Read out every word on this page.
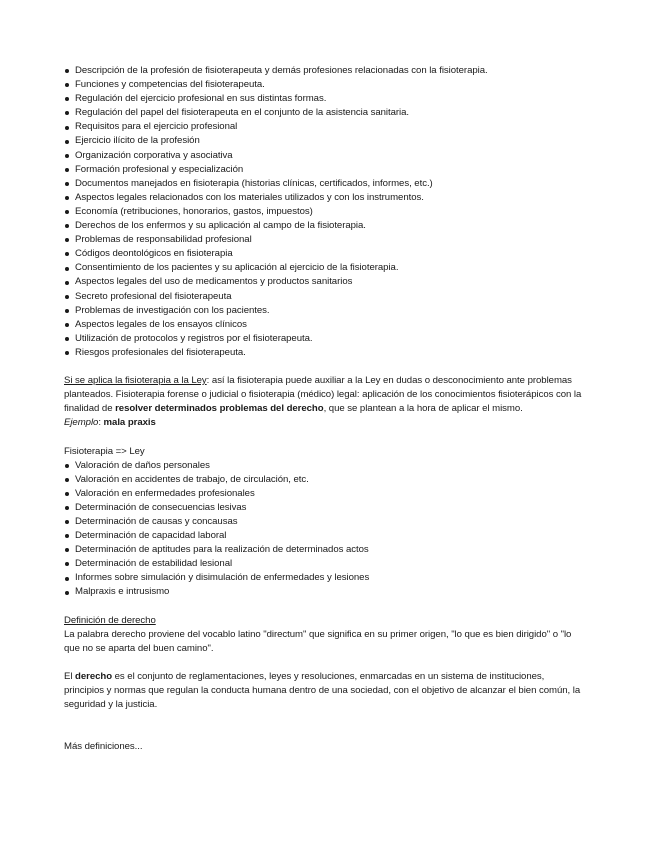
Descripción de la profesión de fisioterapeuta y demás profesiones relacionadas con la fisioterapia.
Funciones y competencias del fisioterapeuta.
Regulación del ejercicio profesional en sus distintas formas.
Regulación del papel del fisioterapeuta en el conjunto de la asistencia sanitaria.
Requisitos para el ejercicio profesional
Ejercicio ilícito de la profesión
Organización corporativa y asociativa
Formación profesional y especialización
Documentos manejados en fisioterapia (historias clínicas, certificados, informes, etc.)
Aspectos legales relacionados con los materiales utilizados y con los instrumentos.
Economía (retribuciones, honorarios, gastos, impuestos)
Derechos de los enfermos y su aplicación al campo de la fisioterapia.
Problemas de responsabilidad profesional
Códigos deontológicos en fisioterapia
Consentimiento de los pacientes y su aplicación al ejercicio de la fisioterapia.
Aspectos legales del uso de medicamentos y productos sanitarios
Secreto profesional del fisioterapeuta
Problemas de investigación con los pacientes.
Aspectos legales de los ensayos clínicos
Utilización de protocolos y registros por el fisioterapeuta.
Riesgos profesionales del fisioterapeuta.

Si se aplica la fisioterapia a la Ley: así la fisioterapia puede auxiliar a la Ley en dudas o desconocimiento ante problemas planteados. Fisioterapia forense o judicial o fisioterapia (médico) legal: aplicación de los conocimientos fisioterápicos con la finalidad de resolver determinados problemas del derecho, que se plantean a la hora de aplicar el mismo.

Ejemplo: mala praxis

Fisioterapia => Ley

Valoración de daños personales
Valoración en accidentes de trabajo, de circulación, etc.
Valoración en enfermedades profesionales
Determinación de consecuencias lesivas
Determinación de causas y concausas
Determinación de capacidad laboral
Determinación de aptitudes para la realización de determinados actos
Determinación de estabilidad lesional
Informes sobre simulación y disimulación de enfermedades y lesiones
Malpraxis e intrusismo

Definición de derecho

La palabra derecho proviene del vocablo latino "directum" que significa en su primer origen, "lo que es bien dirigido" o "lo que no se aparta del buen camino".

El derecho es el conjunto de reglamentaciones, leyes y resoluciones, enmarcadas en un sistema de instituciones, principios y normas que regulan la conducta humana dentro de una sociedad, con el objetivo de alcanzar el bien común, la seguridad y la justicia.

Más definiciones...
